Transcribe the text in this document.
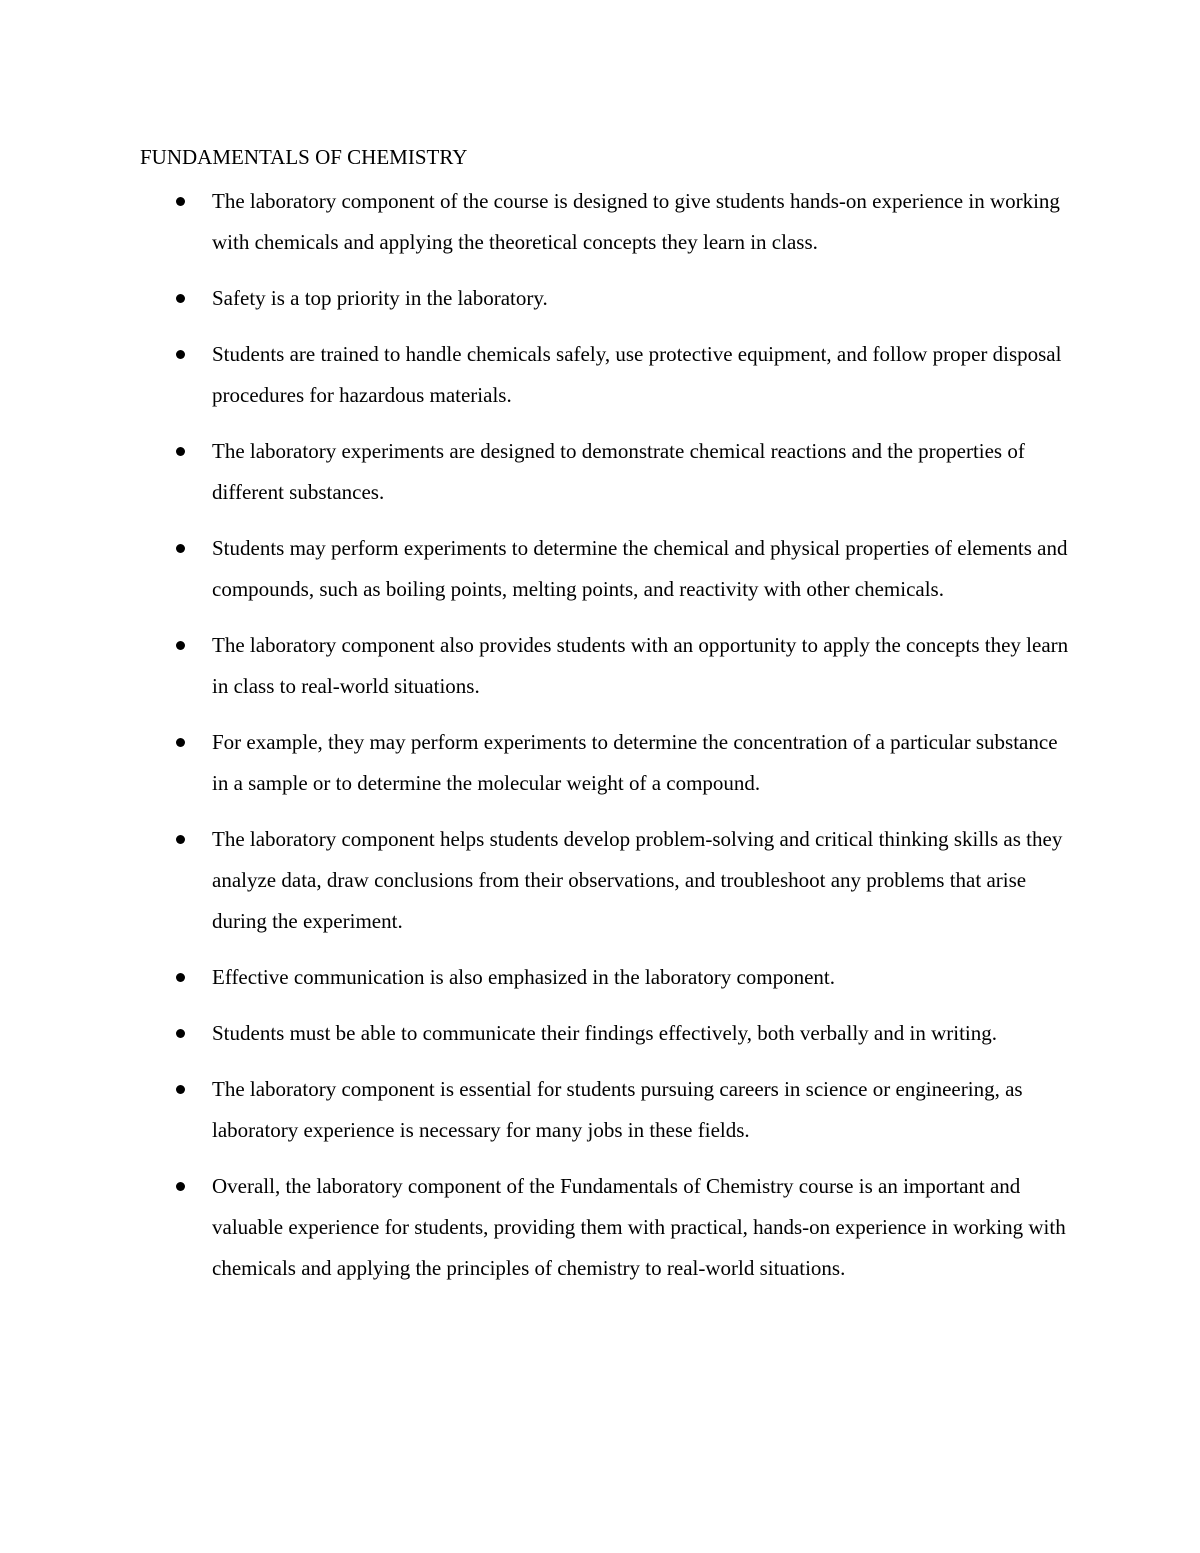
FUNDAMENTALS OF CHEMISTRY
The laboratory component of the course is designed to give students hands-on experience in working with chemicals and applying the theoretical concepts they learn in class.
Safety is a top priority in the laboratory.
Students are trained to handle chemicals safely, use protective equipment, and follow proper disposal procedures for hazardous materials.
The laboratory experiments are designed to demonstrate chemical reactions and the properties of different substances.
Students may perform experiments to determine the chemical and physical properties of elements and compounds, such as boiling points, melting points, and reactivity with other chemicals.
The laboratory component also provides students with an opportunity to apply the concepts they learn in class to real-world situations.
For example, they may perform experiments to determine the concentration of a particular substance in a sample or to determine the molecular weight of a compound.
The laboratory component helps students develop problem-solving and critical thinking skills as they analyze data, draw conclusions from their observations, and troubleshoot any problems that arise during the experiment.
Effective communication is also emphasized in the laboratory component.
Students must be able to communicate their findings effectively, both verbally and in writing.
The laboratory component is essential for students pursuing careers in science or engineering, as laboratory experience is necessary for many jobs in these fields.
Overall, the laboratory component of the Fundamentals of Chemistry course is an important and valuable experience for students, providing them with practical, hands-on experience in working with chemicals and applying the principles of chemistry to real-world situations.
